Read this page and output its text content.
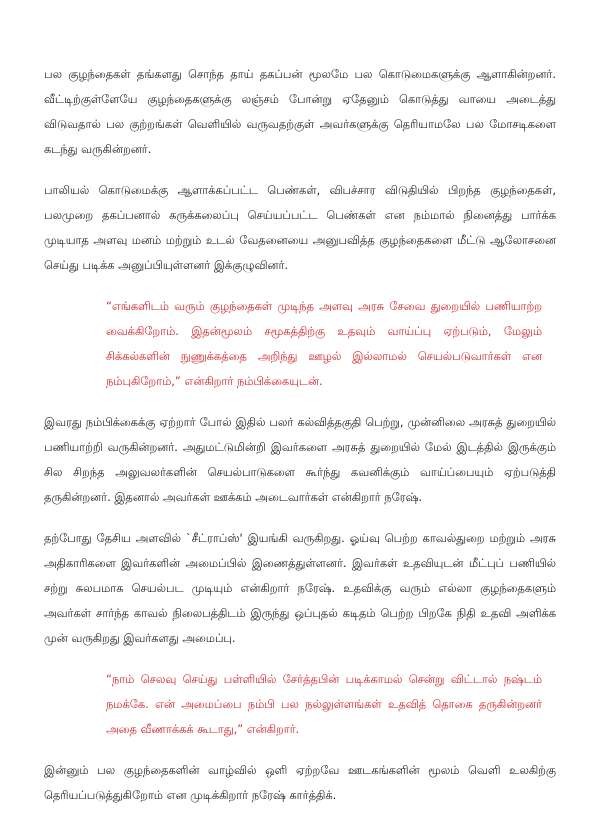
பல குழந்தைகள் தங்களது சொந்த தாய் தகப்பன் மூலமே பல கொடுமைகளுக்கு ஆளாகின்றனர். வீட்டிற்குள்ளேயே குழந்தைகளுக்கு லஞ்சம் போன்று ஏதேனும் கொடுத்து வாயை அடைத்து விடுவதால் பல குற்றங்கள் வெளியில் வருவதற்குள் அவர்களுக்கு தெரியாமலே பல மோசடிகளை கடந்து வருகின்றனர்.

பாலியல் கொடுமைக்கு ஆளாக்கப்பட்ட பெண்கள், விபச்சார விடுதியில் பிறந்த குழந்தைகள், பலமுறை தகப்பனால் கருக்கலைப்பு செய்யப்பட்ட பெண்கள் என நம்மால் நினைத்து பார்க்க முடியாத அளவு மனம் மற்றும் உடல் வேதனையை அனுபவித்த குழந்தைகளை மீட்டு ஆலோசனை செய்து படிக்க அனுப்பியுள்ளனர் இக்குழுவினர்.

“எங்களிடம் வரும் குழந்தைகள் முடிந்த அளவு அரசு சேவை துறையில் பணியாற்ற வைக்கிறோம். இதன்மூலம் சமூகத்திற்கு உதவும் வாய்ப்பு ஏற்படும், மேலும் சிக்கல்களின் நுணுக்கத்தை அறிந்து ஊழல் இல்லாமல் செயல்படுவார்கள் என நம்புகிறோம்,” என்கிறார் நம்பிக்கையுடன்.

இவரது நம்பிக்கைக்கு ஏற்றார் போல் இதில் பலர் கல்வித்தகுதி பெற்று, முன்னிலை அரசுத் துறையில் பணியாற்றி வருகின்றனர். அதுமட்டுமின்றி இவர்களை அரசுத் துறையில் மேல் இடத்தில் இருக்கும் சில சிறந்த அலுவலர்களின் செயல்பாடுகளை கூர்ந்து கவனிக்கும் வாய்ப்பையும் ஏற்படுத்தி தருகின்றனர். இதனால் அவர்கள் ஊக்கம் அடைவார்கள் என்கிறார் நரேஷ்.

தற்போது தேசிய அளவில் `சீட்ராப்ஸ்' இயங்கி வருகிறது. ஓய்வு பெற்ற காவல்துறை மற்றும் அரசு அதிகாரிகளை இவர்களின் அமைப்பில் இணைத்துள்ளனர். இவர்கள் உதவியுடன் மீட்புப் பணியில் சற்று சுலபமாக செயல்பட முடியும் என்கிறார் நரேஷ். உதவிக்கு வரும் எல்லா குழந்தைகளும் அவர்கள் சார்ந்த காவல் நிலைபத்திடம் இருந்து ஒப்புதல் கடிதம் பெற்ற பிறகே நிதி உதவி அளிக்க முன் வருகிறது இவர்களது அமைப்பு.

“நாம் செலவு செய்து பள்ளியில் சேர்த்தபின் படிக்காமல் சென்று விட்டால் நஷ்டம் நமக்கே. என் அமைப்பை நம்பி பல நல்லுள்ளங்கள் உதவித் தொகை தருகின்றனர் அதை வீணாக்கக் கூடாது,” என்கிறார்.

இன்னும் பல குழந்தைகளின் வாழ்வில் ஒளி ஏற்றவே ஊடகங்களின் மூலம் வெளி உலகிற்கு தெரியப்படுத்துகிறோம் என முடிக்கிறார் நரேஷ் கார்த்திக்.
